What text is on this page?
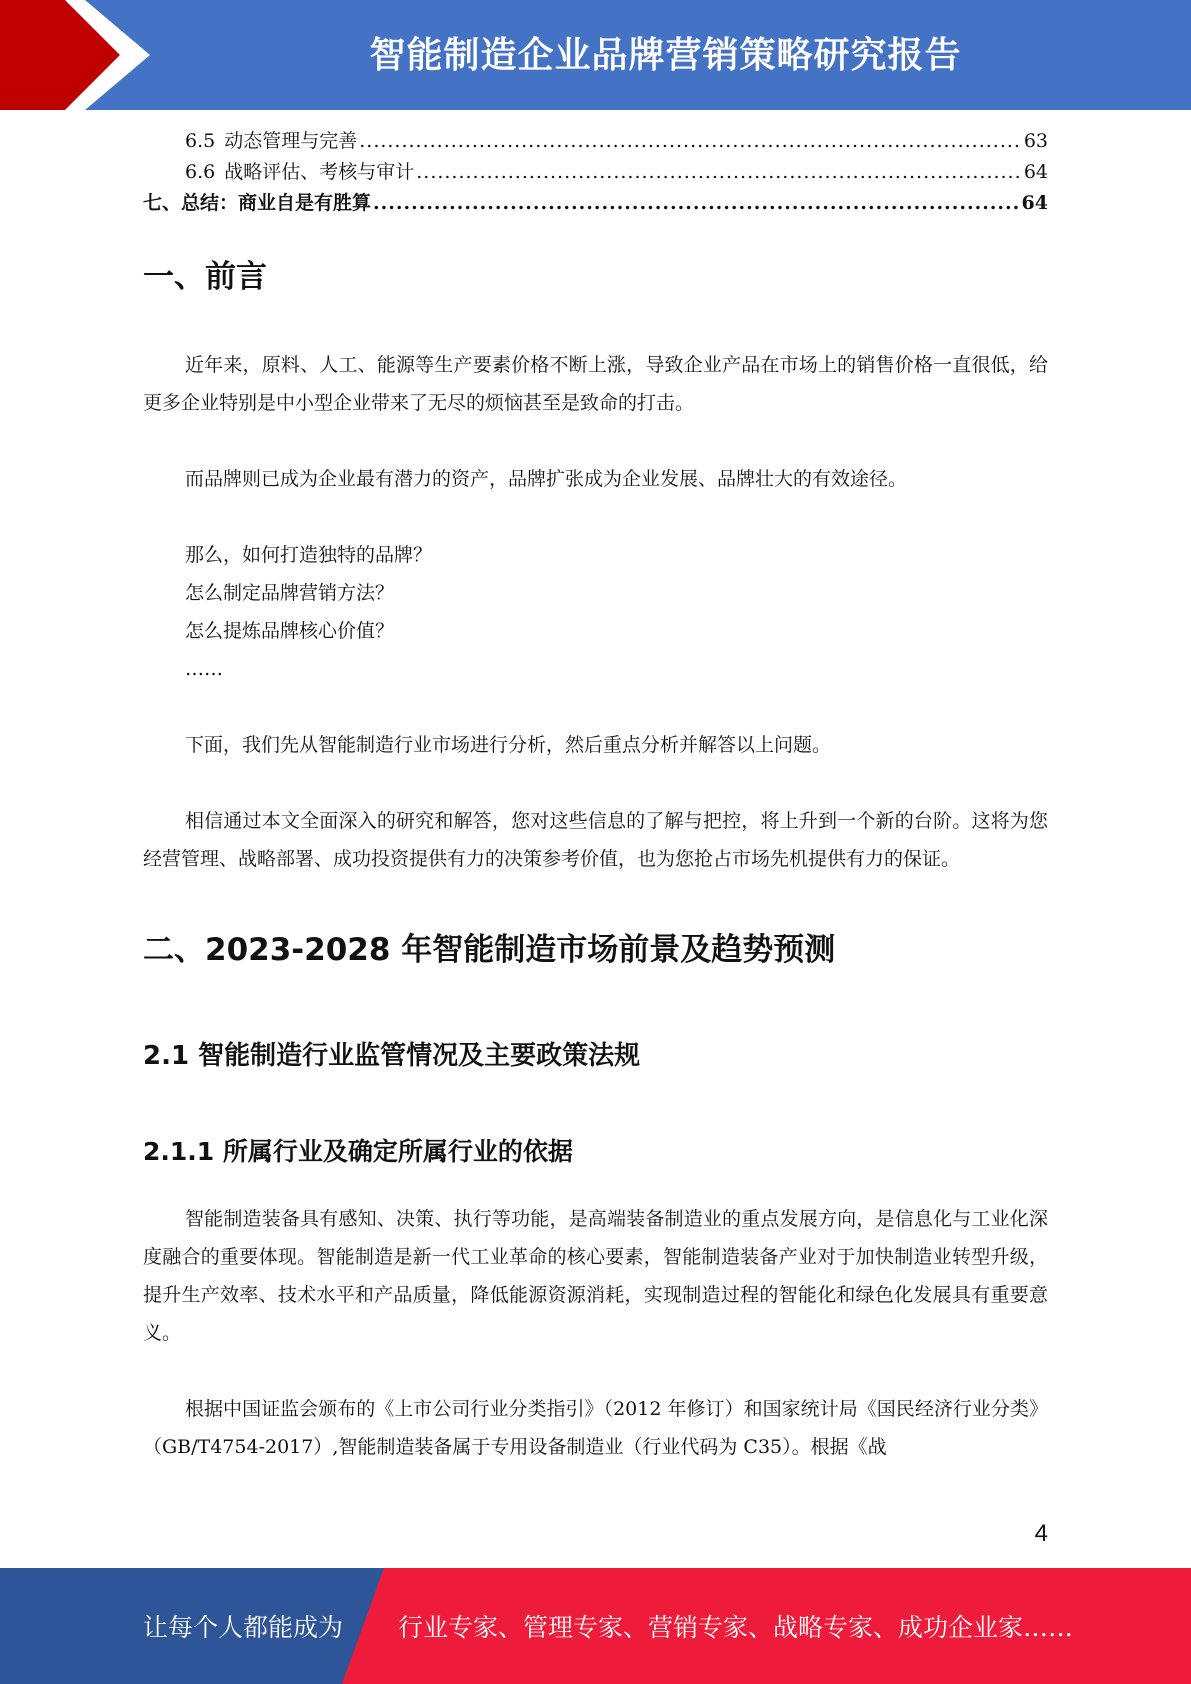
智能制造企业品牌营销策略研究报告
6.5 动态管理与完善 .....	63
6.6 战略评估、考核与审计 .....	64
七、总结：商业自是有胜算 .....	64
一、前言

近年来，原料、人工、能源等生产要素价格不断上涨，导致企业产品在市场上的销售价格一直很低，给更多企业特别是中小型企业带来了无尽的烦恼甚至是致命的打击。

而品牌则已成为企业最有潜力的资产，品牌扩张成为企业发展、品牌壮大的有效途径。

那么，如何打造独特的品牌？

怎么制定品牌营销方法？

怎么提炼品牌核心价值？

……

下面，我们先从智能制造行业市场进行分析，然后重点分析并解答以上问题。

相信通过本文全面深入的研究和解答，您对这些信息的了解与把控，将上升到一个新的台阶。这将为您经营管理、战略部署、成功投资提供有力的决策参考价值，也为您抢占市场先机提供有力的保证。

二、2023-2028 年智能制造市场前景及趋势预测
2.1 智能制造行业监管情况及主要政策法规
2.1.1 所属行业及确定所属行业的依据

智能制造装备具有感知、决策、执行等功能，是高端装备制造业的重点发展方向，是信息化与工业化深度融合的重要体现。智能制造是新一代工业革命的核心要素，智能制造装备产业对于加快制造业转型升级，提升生产效率、技术水平和产品质量，降低能源资源消耗，实现制造过程的智能化和绿色化发展具有重要意义。

根据中国证监会颁布的《上市公司行业分类指引》（2012 年修订）和国家统计局《国民经济行业分类》（GB/T4754-2017）,智能制造装备属于专用设备制造业（行业代码为 C35）。根据《战

4
让每个人都能成为 行业专家、管理专家、营销专家、战略专家、成功企业家……
